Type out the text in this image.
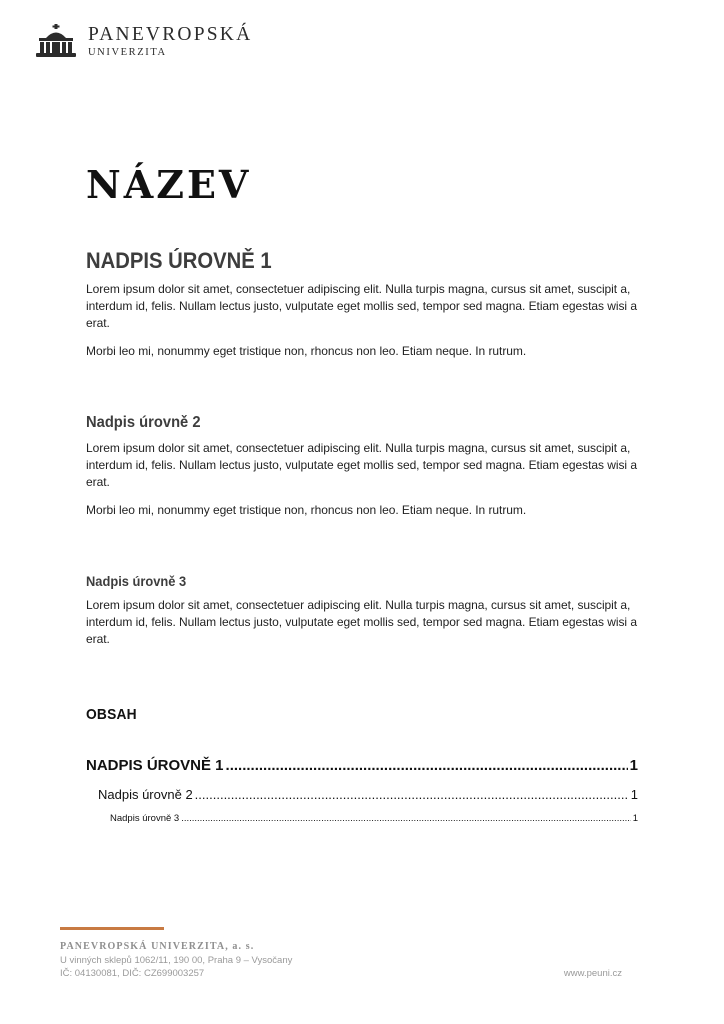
PANEVROPSKÁ
UNIVERZITA
NÁZEV
NADPIS ÚROVNĚ 1

Lorem ipsum dolor sit amet, consectetuer adipiscing elit. Nulla turpis magna, cursus sit amet, suscipit a, interdum id, felis. Nullam lectus justo, vulputate eget mollis sed, tempor sed magna. Etiam egestas wisi a erat.

Morbi leo mi, nonummy eget tristique non, rhoncus non leo. Etiam neque. In rutrum.

Nadpis úrovně 2

Lorem ipsum dolor sit amet, consectetuer adipiscing elit. Nulla turpis magna, cursus sit amet, suscipit a, interdum id, felis. Nullam lectus justo, vulputate eget mollis sed, tempor sed magna. Etiam egestas wisi a erat.

Morbi leo mi, nonummy eget tristique non, rhoncus non leo. Etiam neque. In rutrum.

Nadpis úrovně 3

Lorem ipsum dolor sit amet, consectetuer adipiscing elit. Nulla turpis magna, cursus sit amet, suscipit a, interdum id, felis. Nullam lectus justo, vulputate eget mollis sed, tempor sed magna. Etiam egestas wisi a erat.

OBSAH
NADPIS ÚROVNĚ 1 .....	1
Nadpis úrovně 2 .....	1
Nadpis úrovně 3 .....	1
PANEVROPSKÁ UNIVERZITA, a. s.
U vinných sklepů 1062/11, 190 00, Praha 9 – Vysočany
IČ: 04130081, DIČ: CZ699003257	www.peuni.cz
